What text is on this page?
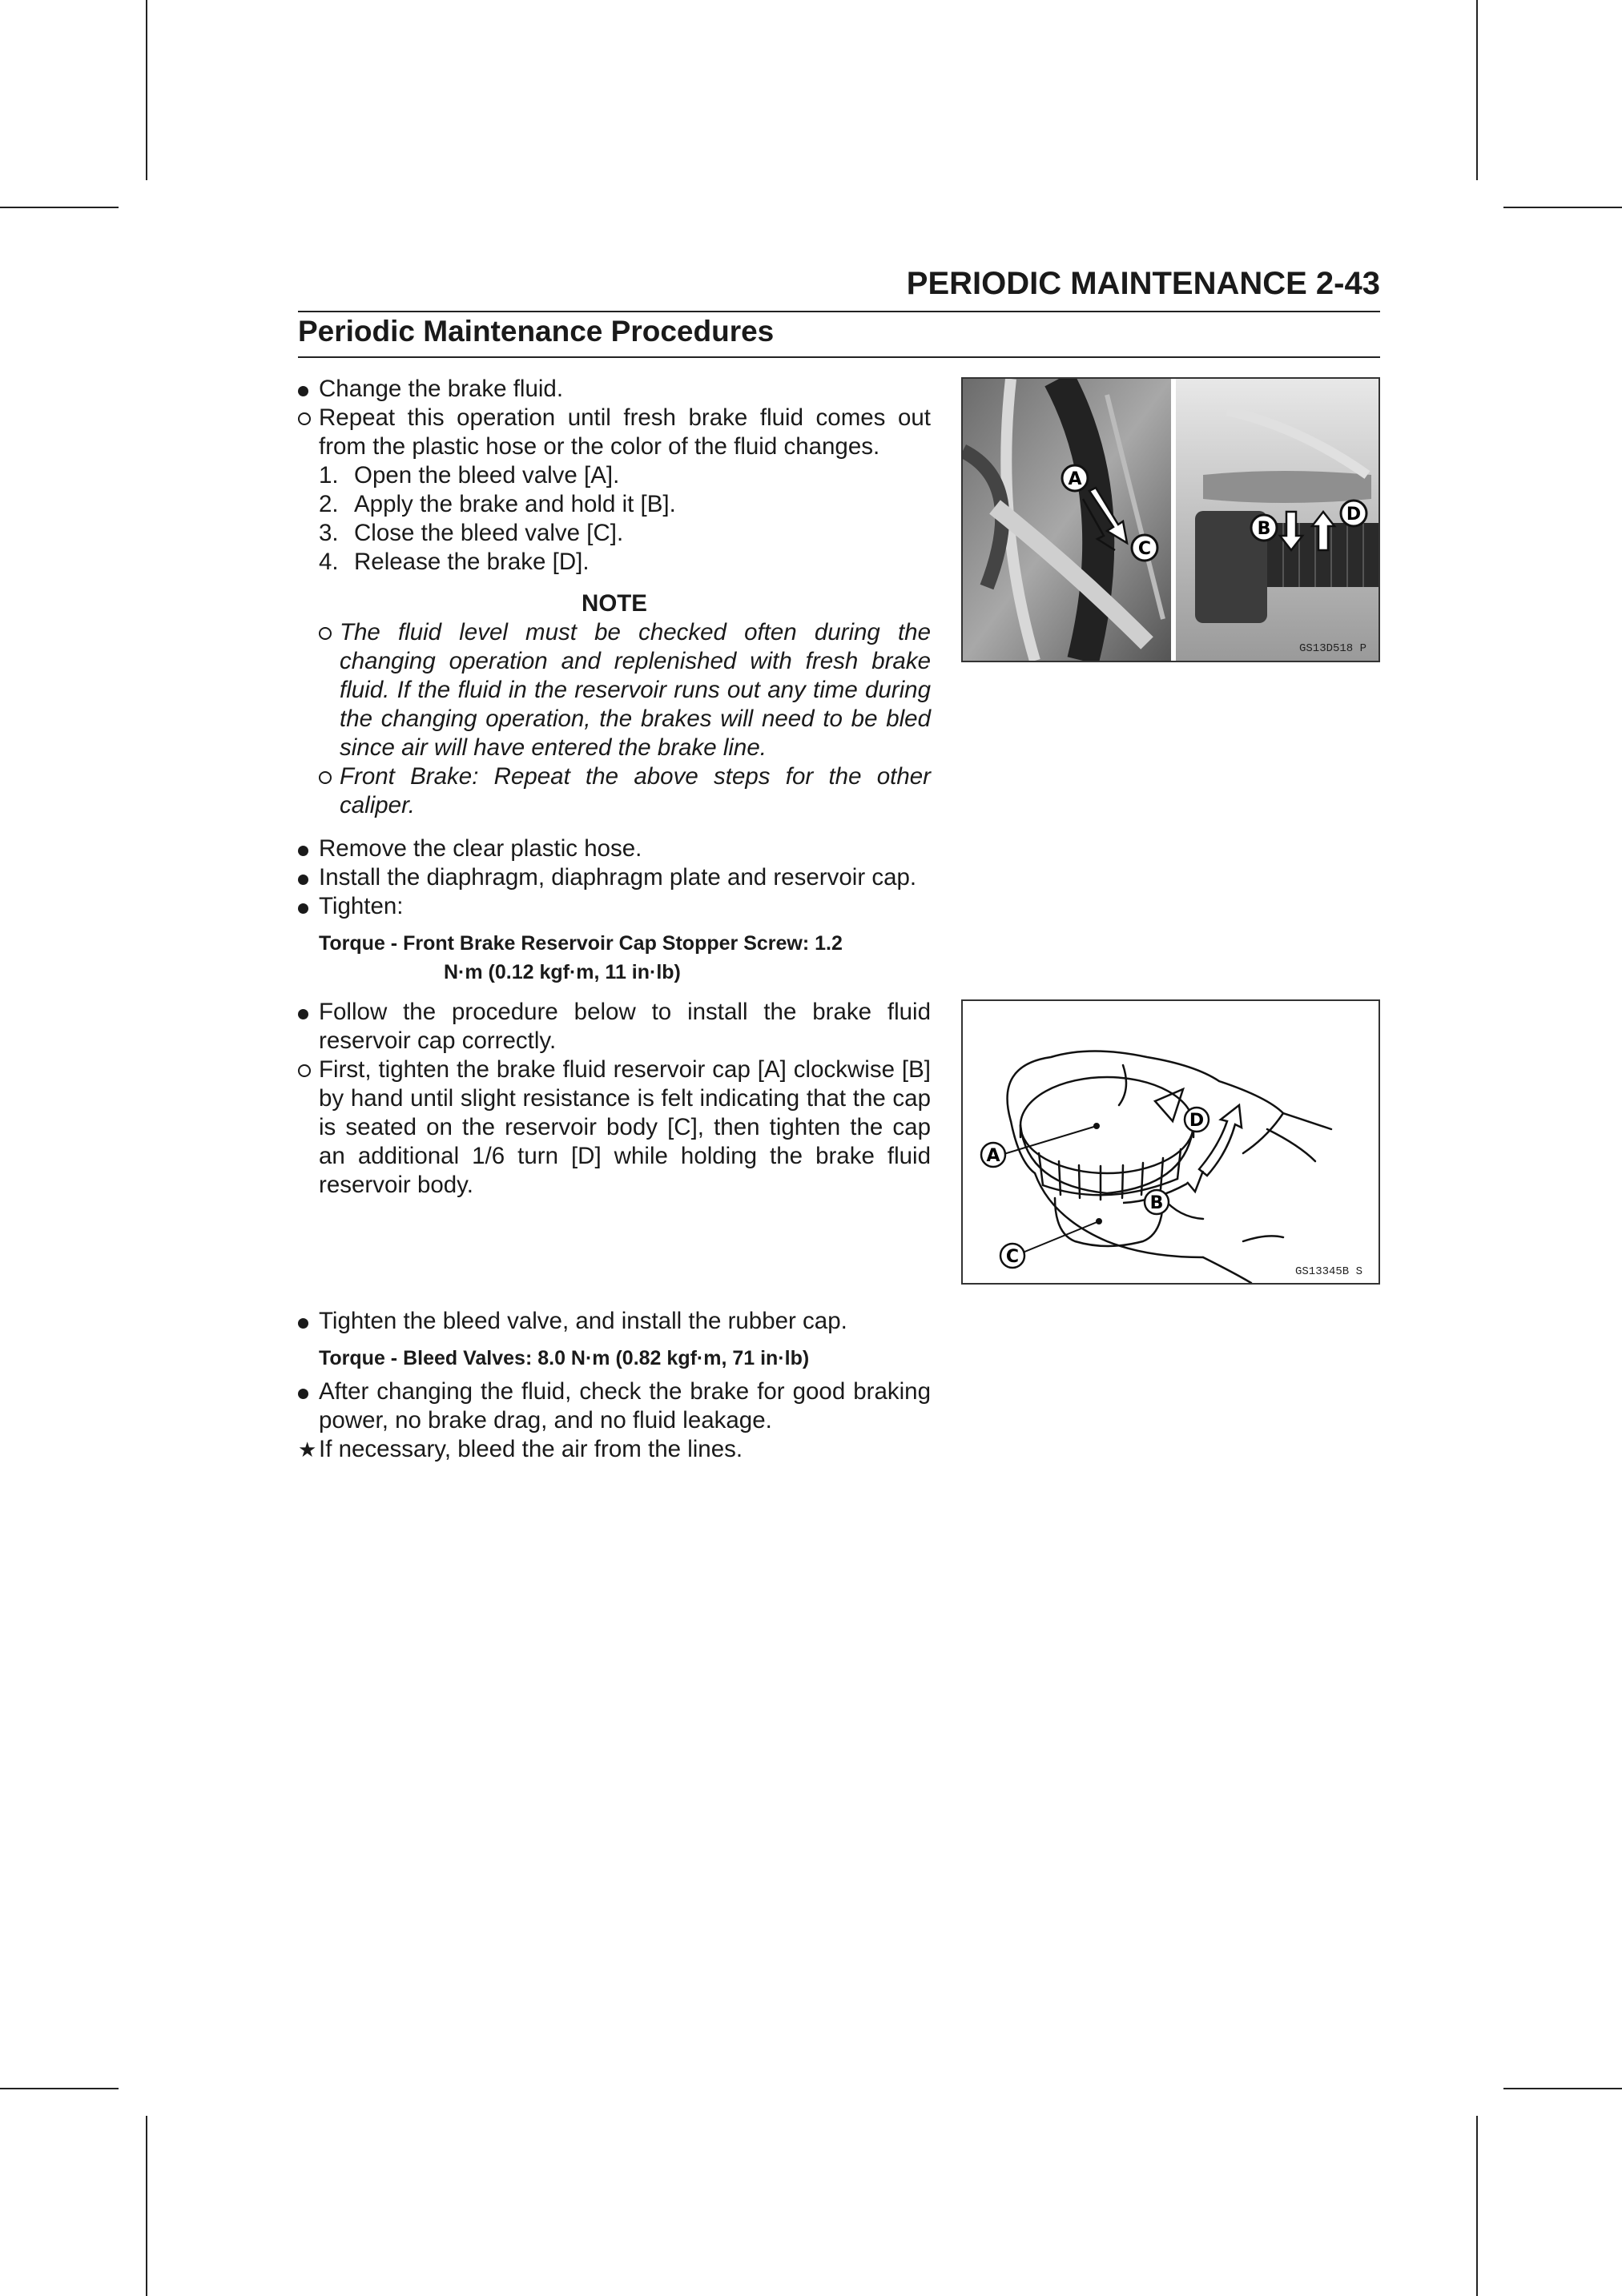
PERIODIC MAINTENANCE 2-43
Periodic Maintenance Procedures
Change the brake fluid.
Repeat this operation until fresh brake fluid comes out from the plastic hose or the color of the fluid changes.
1. Open the bleed valve [A].
2. Apply the brake and hold it [B].
3. Close the bleed valve [C].
4. Release the brake [D].
NOTE
The fluid level must be checked often during the changing operation and replenished with fresh brake fluid. If the fluid in the reservoir runs out any time during the changing operation, the brakes will need to be bled since air will have entered the brake line.
Front Brake: Repeat the above steps for the other caliper.
Remove the clear plastic hose.
Install the diaphragm, diaphragm plate and reservoir cap.
Tighten:
Torque - Front Brake Reservoir Cap Stopper Screw: 1.2
N·m (0.12 kgf·m, 11 in·lb)
Follow the procedure below to install the brake fluid reservoir cap correctly.
First, tighten the brake fluid reservoir cap [A] clockwise [B] by hand until slight resistance is felt indicating that the cap is seated on the reservoir body [C], then tighten the cap an additional 1/6 turn [D] while holding the brake fluid reservoir body.
Tighten the bleed valve, and install the rubber cap.
Torque - Bleed Valves: 8.0 N·m (0.82 kgf·m, 71 in·lb)
After changing the fluid, check the brake for good braking power, no brake drag, and no fluid leakage.
★ If necessary, bleed the air from the lines.
A
C
B
D
GS13D518 P
A
B
C
D
GS13345B S
